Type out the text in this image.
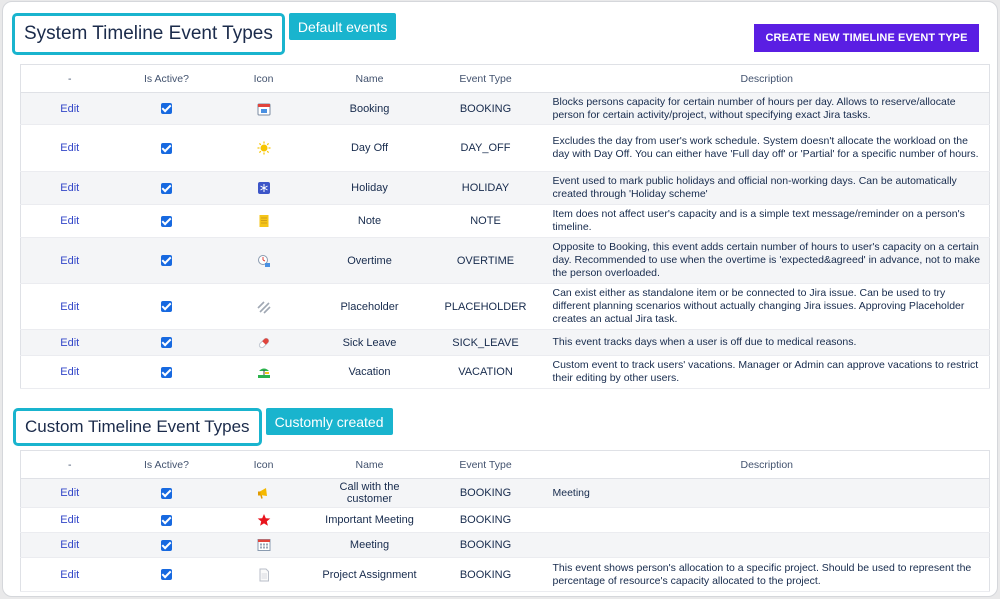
System Timeline Event Types	Default events
CREATE NEW TIMELINE EVENT TYPE
-	Is Active?	Icon	Name	Event Type	Description
Edit			Booking	BOOKING	Blocks persons capacity for certain number of hours per day. Allows to reserve/allocate person for certain activity/project, without specifying exact Jira tasks.
Edit			Day Off	DAY_OFF	Excludes the day from user's work schedule. System doesn't allocate the workload on the day with Day Off. You can either have 'Full day off' or 'Partial' for a specific number of hours.
Edit			Holiday	HOLIDAY	Event used to mark public holidays and official non-working days. Can be automatically created through 'Holiday scheme'
Edit			Note	NOTE	Item does not affect user's capacity and is a simple text message/reminder on a person's timeline.
Edit			Overtime	OVERTIME	Opposite to Booking, this event adds certain number of hours to user's capacity on a certain day. Recommended to use when the overtime is 'expected&agreed' in advance, not to make the person overloaded.
Edit			Placeholder	PLACEHOLDER	Can exist either as standalone item or be connected to Jira issue. Can be used to try different planning scenarios without actually changing Jira issues. Approving Placeholder creates an actual Jira task.
Edit			Sick Leave	SICK_LEAVE	This event tracks days when a user is off due to medical reasons.
Edit			Vacation	VACATION	Custom event to track users' vacations. Manager or Admin can approve vacations to restrict their editing by other users.
Custom Timeline Event Types	Customly created
-	Is Active?	Icon	Name	Event Type	Description
Edit			Call with the customer	BOOKING	Meeting
Edit			Important Meeting	BOOKING	
Edit			Meeting	BOOKING	
Edit			Project Assignment	BOOKING	This event shows person's allocation to a specific project. Should be used to represent the percentage of resource's capacity allocated to the project.
